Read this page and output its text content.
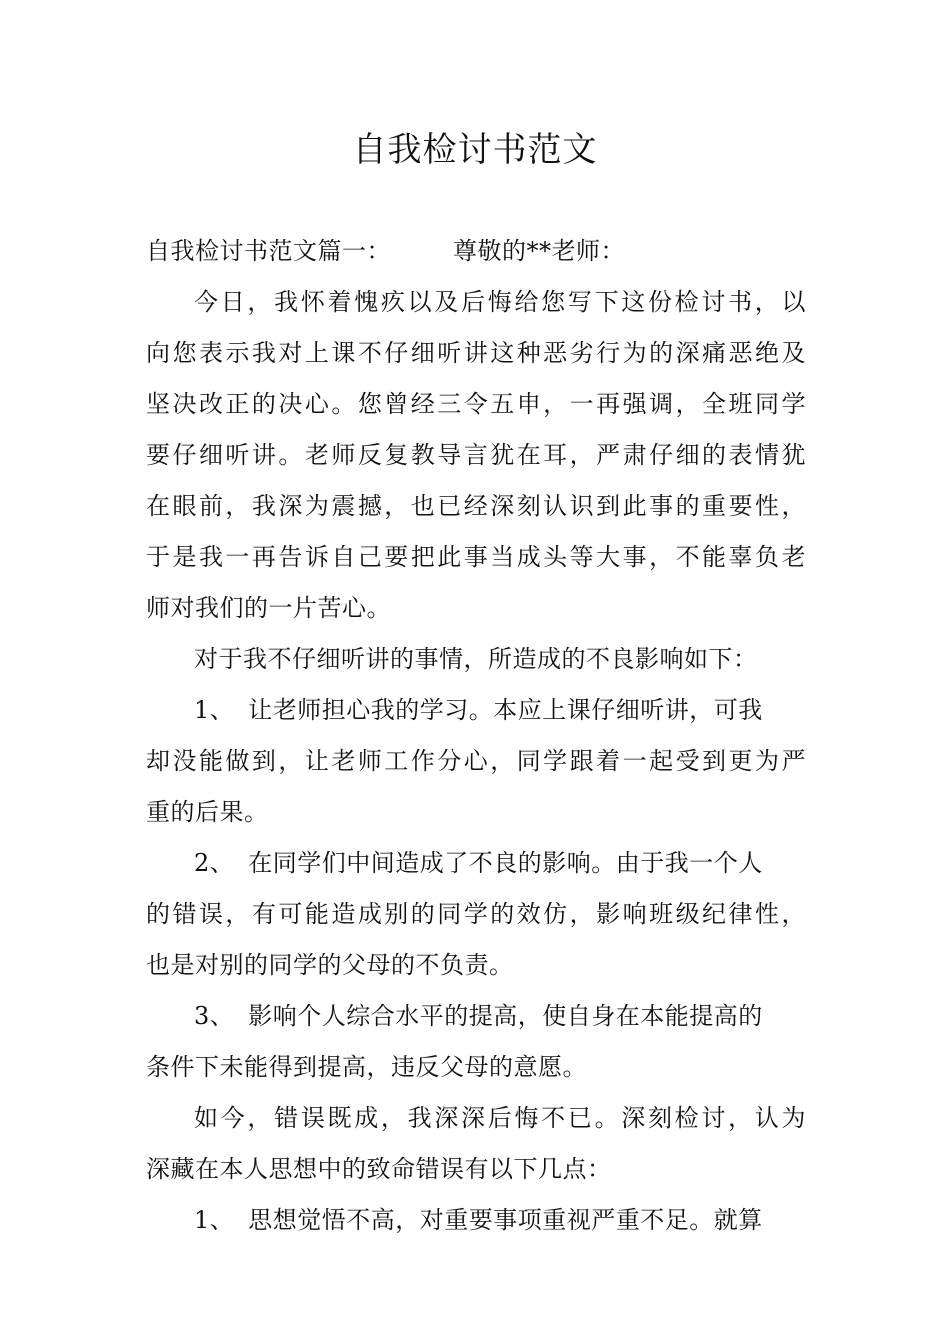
自我检讨书范文
自我检讨书范文篇一：	尊敬的**老师：
今日，我怀着愧疚以及后悔给您写下这份检讨书，以
向您表示我对上课不仔细听讲这种恶劣行为的深痛恶绝及
坚决改正的决心。您曾经三令五申，一再强调，全班同学
要仔细听讲。老师反复教导言犹在耳，严肃仔细的表情犹
在眼前，我深为震撼，也已经深刻认识到此事的重要性，
于是我一再告诉自己要把此事当成头等大事，不能辜负老
师对我们的一片苦心。
对于我不仔细听讲的事情，所造成的不良影响如下：
1、 让老师担心我的学习。本应上课仔细听讲，可我
却没能做到，让老师工作分心，同学跟着一起受到更为严
重的后果。
2、 在同学们中间造成了不良的影响。由于我一个人
的错误，有可能造成别的同学的效仿，影响班级纪律性，
也是对别的同学的父母的不负责。
3、 影响个人综合水平的提高，使自身在本能提高的
条件下未能得到提高，违反父母的意愿。
如今，错误既成，我深深后悔不已。深刻检讨，认为
深藏在本人思想中的致命错误有以下几点：
1、 思想觉悟不高，对重要事项重视严重不足。就算
